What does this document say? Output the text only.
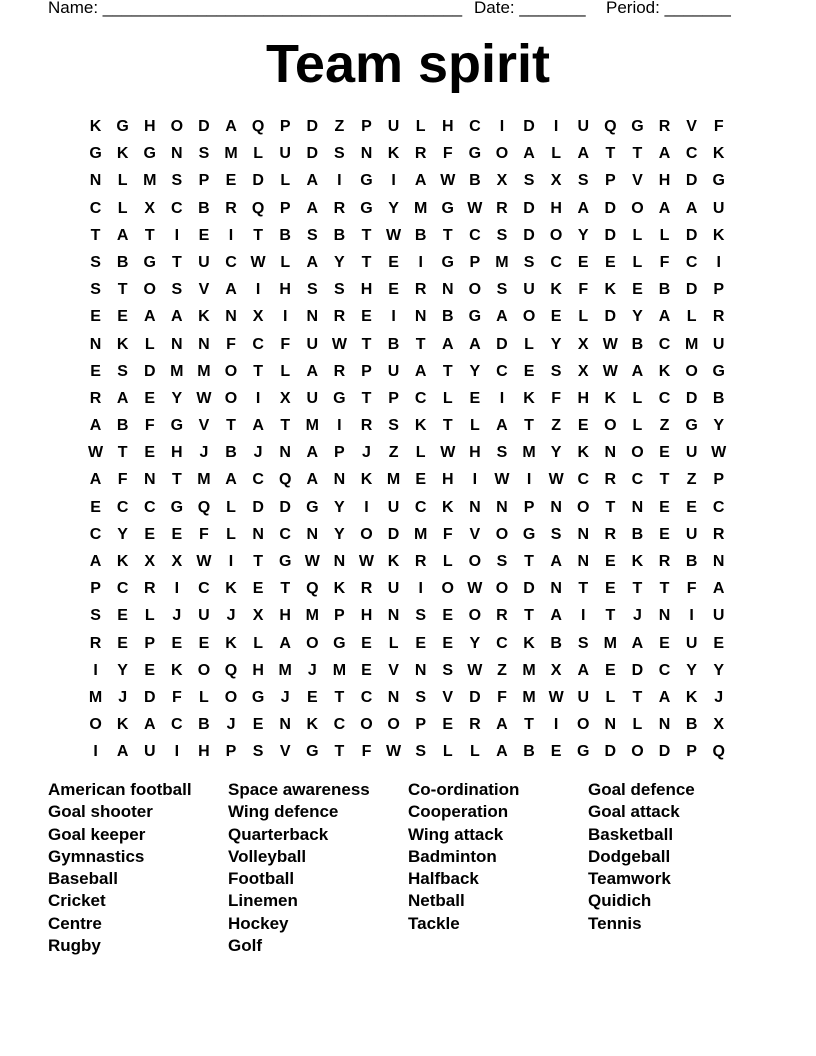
Name: ______________________________________ Date: _______ Period: _______
Team spirit
K G H O D A Q P D Z P U L H C I D I U Q G R V F
G K G N S M L U D S N K R F G O A L A T T A C K
N L M S P E D L A I G I A W B X S X S P V H D G
C L X C B R Q P A R G Y M G W R D H A D O A A U
T A T I E I T B S B T W B T C S D O Y D L L D K
S B G T U C W L A Y T E I G P M S C E E L F C I
S T O S V A I H S S H E R N O S U K F K E B D P
E E A A K N X I N R E I N B G A O E L D Y A L R
N K L N N F C F U W T B T A A D L Y X W B C M U
E S D M M O T L A R P U A T Y C E S X W A K O G
R A E Y W O I X U G T P C L E I K F H K L C D B
A B F G V T A T M I R S K T L A T Z E O L Z G Y
W T E H J B J N A P J Z L W H S M Y K N O E U W
A F N T M A C Q A N K M E H I W I W C R C T Z P
E C C G Q L D D G Y I U C K N N P N O T N E E C
C Y E E F L N C N Y O D M F V O G S N R B E U R
A K X X W I T G W N W K R L O S T A N E K R B N
P C R I C K E T Q K R U I O W O D N T E T T F A
S E L J U J X H M P H N S E O R T A I T J N I U
R E P E E K L A O G E L E E Y C K B S M A E U E
I Y E K O Q H M J M E V N S W Z M X A E D C Y Y
M J D F L O G J E T C N S V D F M W U L T A K J
O K A C B J E N K C O O P E R A T I O N L N B X
I A U I H P S V G T F W S L L A B E G D O D P Q
American football
Goal shooter
Goal keeper
Gymnastics
Baseball
Cricket
Centre
Rugby
Space awareness
Wing defence
Quarterback
Volleyball
Football
Linemen
Hockey
Golf
Co-ordination
Cooperation
Wing attack
Badminton
Halfback
Netball
Tackle
Goal defence
Goal attack
Basketball
Dodgeball
Teamwork
Quidich
Tennis
